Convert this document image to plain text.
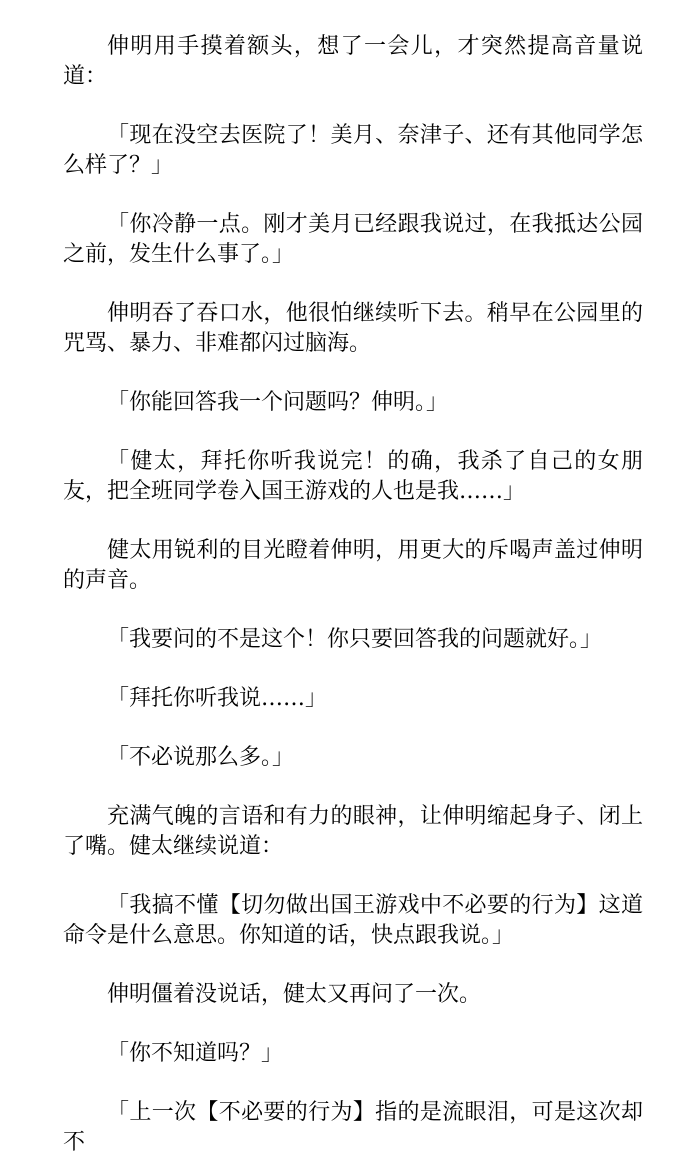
伸明用手摸着额头，想了一会儿，才突然提高音量说道：

「现在没空去医院了！美月、奈津子、还有其他同学怎么样了？」

「你冷静一点。刚才美月已经跟我说过，在我抵达公园之前，发生什么事了。」

伸明吞了吞口水，他很怕继续听下去。稍早在公园里的咒骂、暴力、非难都闪过脑海。

「你能回答我一个问题吗？伸明。」

「健太，拜托你听我说完！的确，我杀了自己的女朋友，把全班同学卷入国王游戏的人也是我……」

健太用锐利的目光瞪着伸明，用更大的斥喝声盖过伸明的声音。

「我要问的不是这个！你只要回答我的问题就好。」

「拜托你听我说……」

「不必说那么多。」

充满气魄的言语和有力的眼神，让伸明缩起身子、闭上了嘴。健太继续说道：

「我搞不懂【切勿做出国王游戏中不必要的行为】这道命令是什么意思。你知道的话，快点跟我说。」

伸明僵着没说话，健太又再问了一次。

「你不知道吗？」

「上一次【不必要的行为】指的是流眼泪，可是这次却不
